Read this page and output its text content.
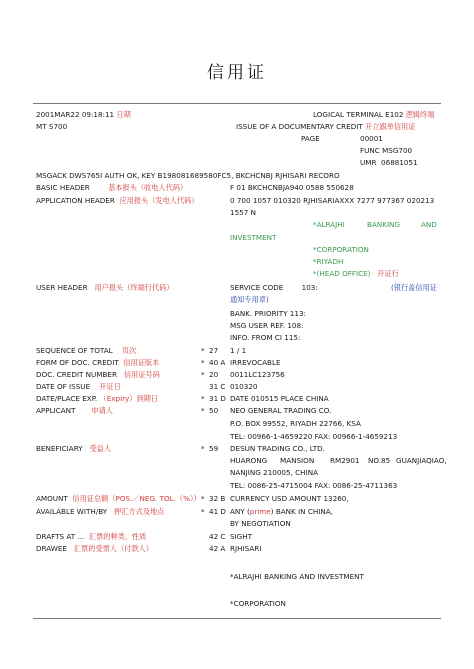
信用证
2001MAR22 09:18:11 日期	LOGICAL TERMINAL E102 逻辑终端
MT S700	ISSUE OF A DOCUMENTARY CREDIT 开立跟单信用证
PAGE	00001
FUNC MSG700
UMR 06881051
MSGACK DWS765I AUTH OK, KEY B198081689580FC5, BKCHCNBJ RJHISARI RECORO
BASIC HEADER	基本报头（收电人代码）	F 01 BKCHCNBJA940 0588 550628
APPLICATION HEADER 应用报头（发电人代码）	0 700 1057 010320 RJHISARIAXXX 7277 977367 020213
1557 N
*ALRAJHI	BANKING	AND
INVESTMENT
*CORPORATION
*RIYADH
*(HEAD OFFICE) 开证行
USER HEADER 用户报头（终端行代码）	SERVICE CODE	103:	(银行盖信用证
通知专用章)
BANK. PRIORITY 113:
MSG USER REF. 108:
INFO. FROM CI 115:
SEQUENCE OF TOTAL 页次	* 27 1 / 1
FORM OF DOC. CREDIT 信用证版本	* 40 A IRREVOCABLE
DOC. CREDIT NUMBER 信用证号码	* 20 0011LC123756
DATE OF ISSUE 开证日	31 C 010320
DATE/PLACE EXP. （Expiry）到期日	* 31 D DATE 010515 PLACE CHINA
APPLICANT 申请人	* 50 NEO GENERAL TRADING CO.
P.O. BOX 99552, RIYADH 22766, KSA
TEL: 00966-1-4659220 FAX: 00966-1-4659213
BENEFICIARY 受益人	* 59 DESUN TRADING CO., LTD.
HUARONG MANSION RM2901 NO.85 GUANJIAQIAO,
NANJING 210005, CHINA
TEL: 0086-25-4715004 FAX: 0086-25-4711363
AMOUNT 信用证总额（POS.／NEG. TOL.（%）） * 32 B CURRENCY USD AMOUNT 13260,
AVAILABLE WITH/BY 押汇方式及地点	* 41 D ANY (prime) BANK IN CHINA,
BY NEGOTIATION
DRAFTS AT ... 汇票的种类、性质	42 C SIGHT
DRAWEE 汇票的受票人（付款人）	42 A RJHISARI
*ALRAJHI BANKING AND INVESTMENT
*CORPORATION
